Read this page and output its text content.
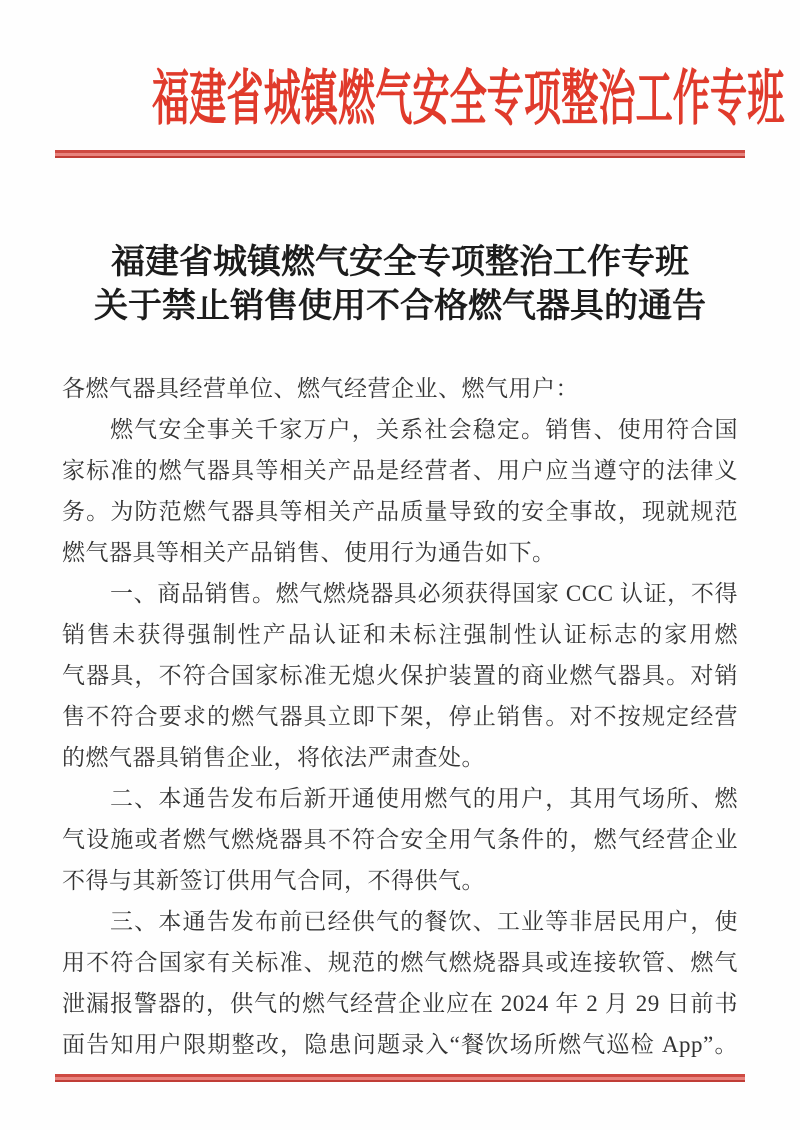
福建省城镇燃气安全专项整治工作专班
福建省城镇燃气安全专项整治工作专班
关于禁止销售使用不合格燃气器具的通告
各燃气器具经营单位、燃气经营企业、燃气用户：
燃气安全事关千家万户，关系社会稳定。销售、使用符合国
家标准的燃气器具等相关产品是经营者、用户应当遵守的法律义
务。为防范燃气器具等相关产品质量导致的安全事故，现就规范
燃气器具等相关产品销售、使用行为通告如下。
一、商品销售。燃气燃烧器具必须获得国家 CCC 认证，不得
销售未获得强制性产品认证和未标注强制性认证标志的家用燃
气器具，不符合国家标准无熄火保护装置的商业燃气器具。对销
售不符合要求的燃气器具立即下架，停止销售。对不按规定经营
的燃气器具销售企业，将依法严肃查处。
二、本通告发布后新开通使用燃气的用户，其用气场所、燃
气设施或者燃气燃烧器具不符合安全用气条件的，燃气经营企业
不得与其新签订供用气合同，不得供气。
三、本通告发布前已经供气的餐饮、工业等非居民用户，使
用不符合国家有关标准、规范的燃气燃烧器具或连接软管、燃气
泄漏报警器的，供气的燃气经营企业应在 2024 年 2 月 29 日前书
面告知用户限期整改，隐患问题录入“餐饮场所燃气巡检 App”。
